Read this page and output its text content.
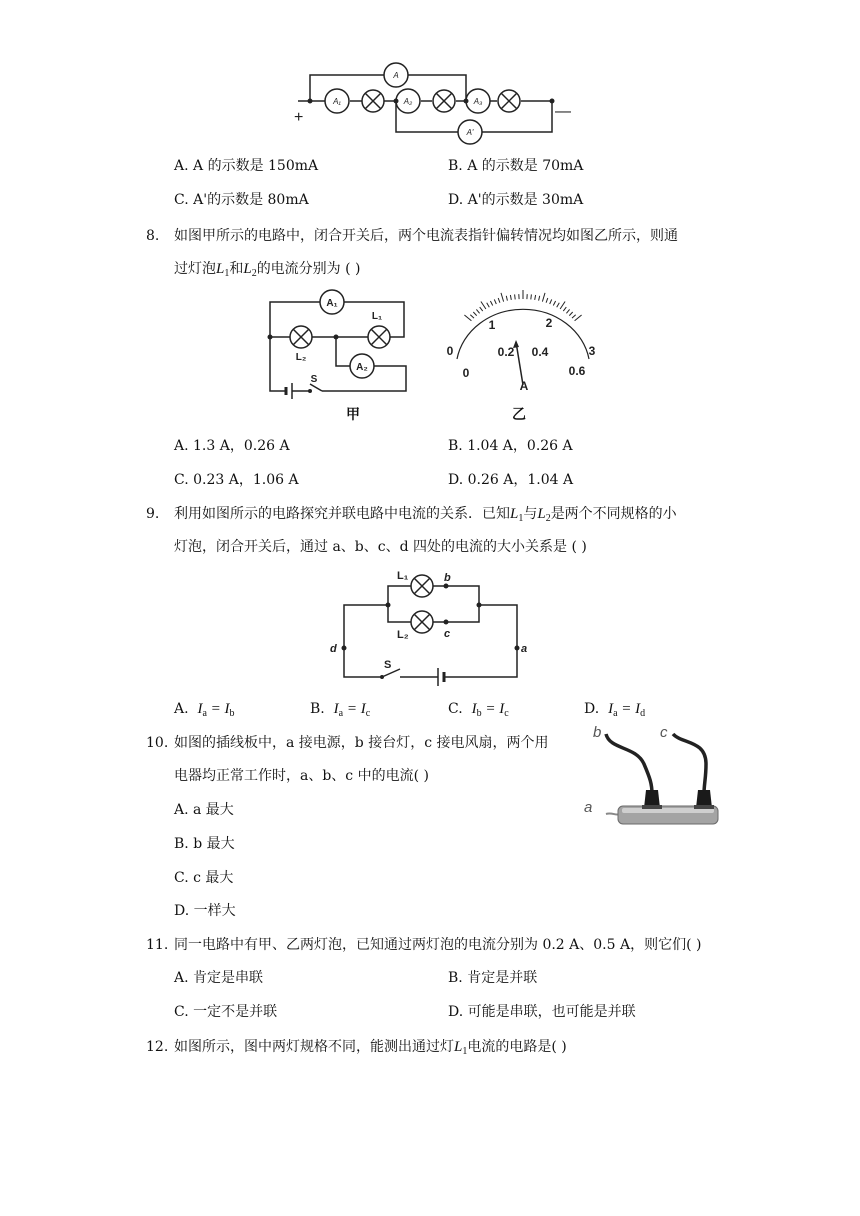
A₁	A₂	A₃
A
A'
+	—
A. A 的示数是 150mA	B. A 的示数是 70mA
C. A'的示数是 80mA	D. A'的示数是 30mA
8. 如图甲所示的电路中，闭合开关后，两个电流表指针偏转情况均如图乙所示，则通
过灯泡$L_1$和$L_2$的电流分别为 ( )
A₁
A₂
L₁
L₂
S
甲
0
1	2
3
0
0.2 0.4
0.6
A
乙
A. 1.3 A，0.26 A	B. 1.04 A，0.26 A
C. 0.23 A，1.06 A	D. 0.26 A，1.04 A
9. 利用如图所示的电路探究并联电路中电流的关系．已知$L_1$与$L_2$是两个不同规格的小
灯泡，闭合开关后，通过 a、b、c、d 四处的电流的大小关系是 ( )
b
c
d	a
L₁
L₂
S
A. $I_a = I_b$	B. $I_a = I_c$	C. $I_b = I_c$	D. $I_a = I_d$
10. 如图的插线板中，a 接电源，b 接台灯，c 接电风扇，两个用
电器均正常工作时，a、b、c 中的电流( )
A. a 最大
B. b 最大
C. c 最大
D. 一样大
b	c
a
11. 同一电路中有甲、乙两灯泡，已知通过两灯泡的电流分别为 0.2 A、0.5 A，则它们( )
A. 肯定是串联	B. 肯定是并联
C. 一定不是并联	D. 可能是串联，也可能是并联
12. 如图所示，图中两灯规格不同，能测出通过灯$L_1$电流的电路是( )
